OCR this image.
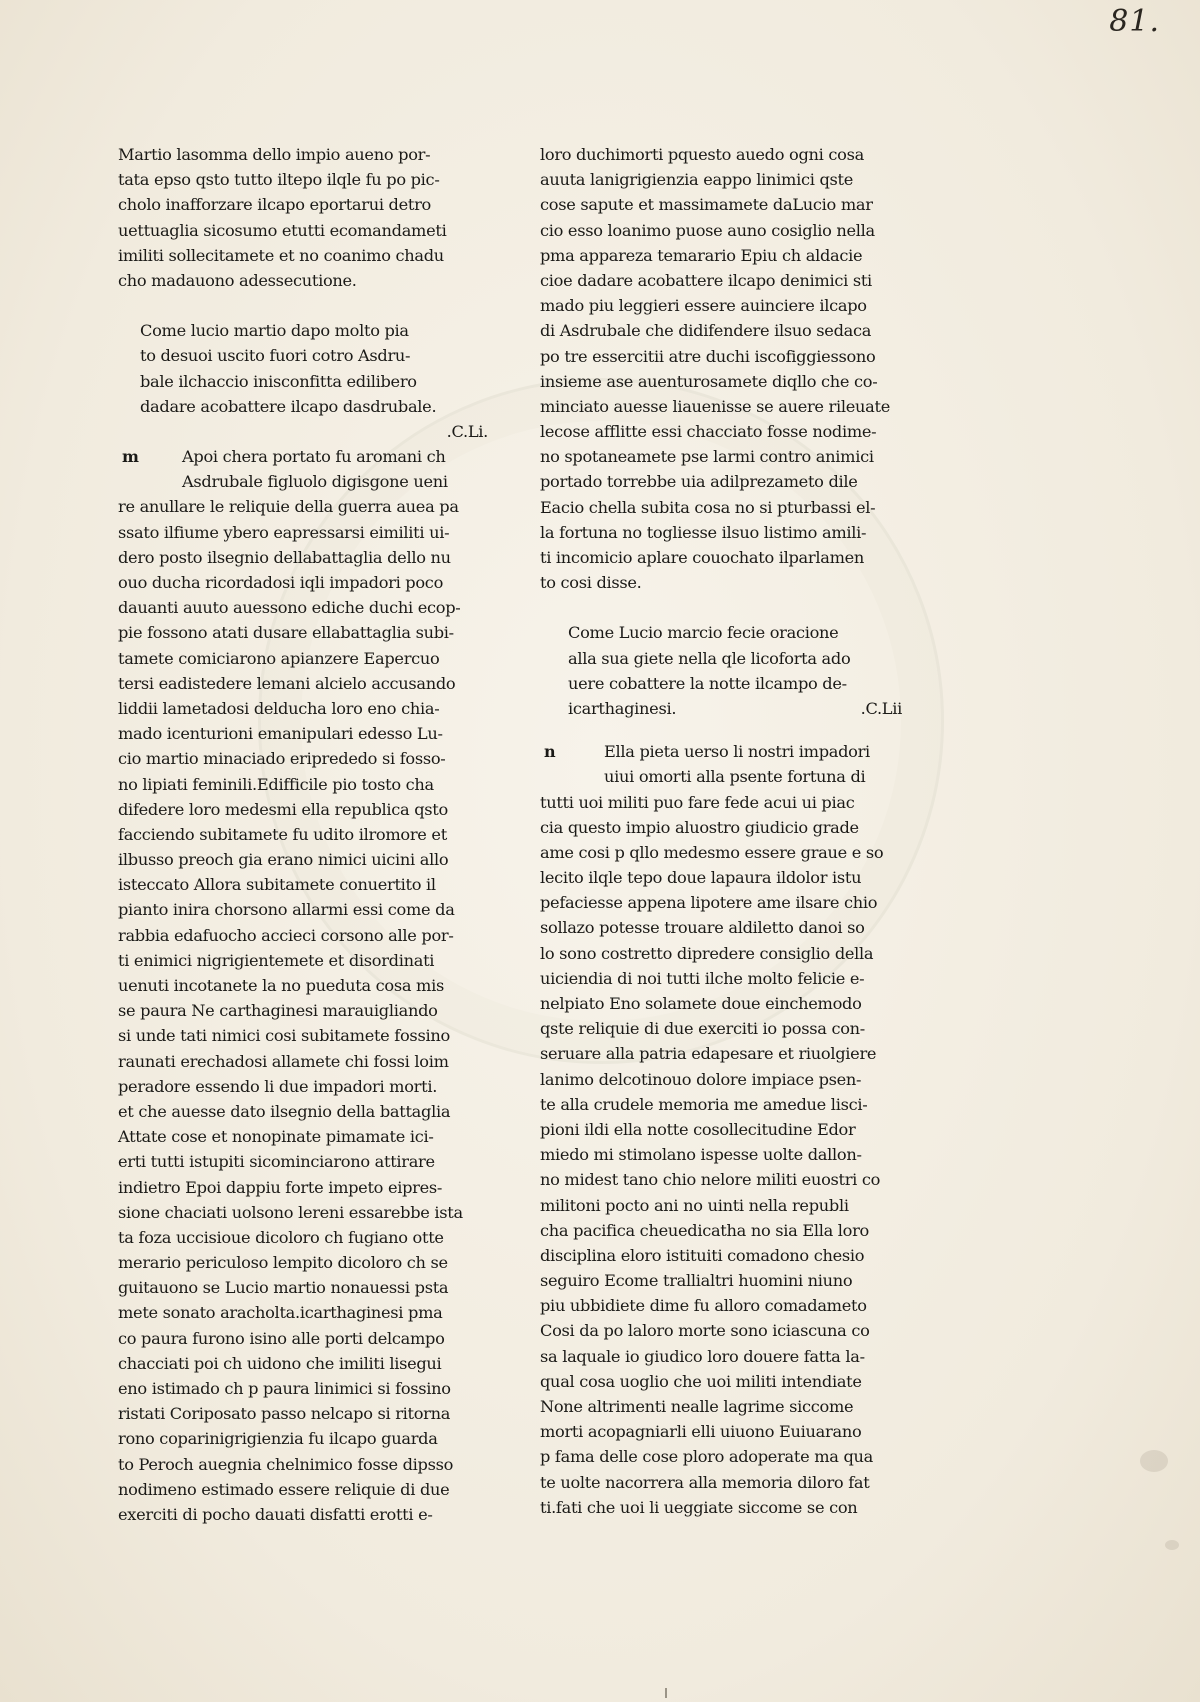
81.
Martio lasomma dello impio aueno por-
tata epso qsto tutto iltepo ilqle fu po pic-
cholo inafforzare ilcapo eportarui detro
uettuaglia sicosumo etutti ecomandameti
imiliti sollecitamete et no coanimo chadu
cho madauono adessecutione.
Come lucio martio dapo molto pia
to desuoi uscito fuori cotro Asdru-
bale ilchaccio inisconfitta edilibero
dadare acobattere ilcapo dasdrubale.
.C.Li.
m	Apoi chera portato fu aromani ch
Asdrubale figluolo digisgone ueni
re anullare le reliquie della guerra auea pa
ssato ilfiume ybero eapressarsi eimiliti ui-
dero posto ilsegnio dellabattaglia dello nu
ouo ducha ricordadosi iqli impadori poco
dauanti auuto auessono ediche duchi ecop-
pie fossono atati dusare ellabattaglia subi-
tamete comiciarono apianzere Eapercuo
tersi eadistedere lemani alcielo accusando
liddii lametadosi delducha loro eno chia-
mado icenturioni emanipulari edesso Lu-
cio martio minaciado eriprededo si fosso-
no lipiati feminili.Edifficile pio tosto cha
difedere loro medesmi ella republica qsto
facciendo subitamete fu udito ilromore et
ilbusso preoch gia erano nimici uicini allo
isteccato Allora subitamete conuertito il
pianto inira chorsono allarmi essi come da
rabbia edafuocho accieci corsono alle por-
ti enimici nigrigientemete et disordinati
uenuti incotanete la no pueduta cosa mis
se paura Ne carthaginesi marauigliando
si unde tati nimici cosi subitamete fossino
raunati erechadosi allamete chi fossi loim
peradore essendo li due impadori morti.
et che auesse dato ilsegnio della battaglia
Attate cose et nonopinate pimamate ici-
erti tutti istupiti sicominciarono attirare
indietro Epoi dappiu forte impeto eipres-
sione chaciati uolsono lereni essarebbe ista
ta foza uccisioue dicoloro ch fugiano otte
merario periculoso lempito dicoloro ch se
guitauono se Lucio martio nonauessi psta
mete sonato aracholta.icarthaginesi pma
co paura furono isino alle porti delcampo
chacciati poi ch uidono che imiliti lisegui
eno istimado ch p paura linimici si fossino
ristati Coriposato passo nelcapo si ritorna
rono coparinigrigienzia fu ilcapo guarda
to Peroch auegnia chelnimico fosse dipsso
nodimeno estimado essere reliquie di due
exerciti di pocho dauati disfatti erotti e-
loro duchimorti pquesto auedo ogni cosa
auuta lanigrigienzia eappo linimici qste
cose sapute et massimamete daLucio mar
cio esso loanimo puose auno cosiglio nella
pma appareza temarario Epiu ch aldacie
cioe dadare acobattere ilcapo denimici sti
mado piu leggieri essere auinciere ilcapo
di Asdrubale che didifendere ilsuo sedaca
po tre essercitii atre duchi iscofiggiessono
insieme ase auenturosamete diqllo che co-
minciato auesse liauenisse se auere rileuate
lecose afflitte essi chacciato fosse nodime-
no spotaneamete pse larmi contro animici
portado torrebbe uia adilprezameto dile
Eacio chella subita cosa no si pturbassi el-
la fortuna no togliesse ilsuo listimo amili-
ti incomicio aplare couochato ilparlamen
to cosi disse.
Come Lucio marcio fecie oracione
alla sua giete nella qle licoforta ado
uere cobattere la notte ilcampo de-
icarthaginesi.	.C.Lii
n	Ella pieta uerso li nostri impadori
uiui omorti alla psente fortuna di
tutti uoi militi puo fare fede acui ui piac
cia questo impio aluostro giudicio grade
ame cosi p qllo medesmo essere graue e so
lecito ilqle tepo doue lapaura ildolor istu
pefaciesse appena lipotere ame ilsare chio
sollazo potesse trouare aldiletto danoi so
lo sono costretto dipredere consiglio della
uiciendia di noi tutti ilche molto felicie e-
nelpiato Eno solamete doue einchemodo
qste reliquie di due exerciti io possa con-
seruare alla patria edapesare et riuolgiere
lanimo delcotinouo dolore impiace psen-
te alla crudele memoria me amedue lisci-
pioni ildi ella notte cosollecitudine Edor
miedo mi stimolano ispesse uolte dallon-
no midest tano chio nelore militi euostri co
militoni pocto ani no uinti nella republi
cha pacifica cheuedicatha no sia Ella loro
disciplina eloro istituiti comadono chesio
seguiro Ecome trallialtri huomini niuno
piu ubbidiete dime fu alloro comadameto
Cosi da po laloro morte sono iciascuna co
sa laquale io giudico loro douere fatta la-
qual cosa uoglio che uoi militi intendiate
None altrimenti nealle lagrime siccome
morti acopagniarli elli uiuono Euiuarano
p fama delle cose ploro adoperate ma qua
te uolte nacorrera alla memoria diloro fat
ti.fati che uoi li ueggiate siccome se con
